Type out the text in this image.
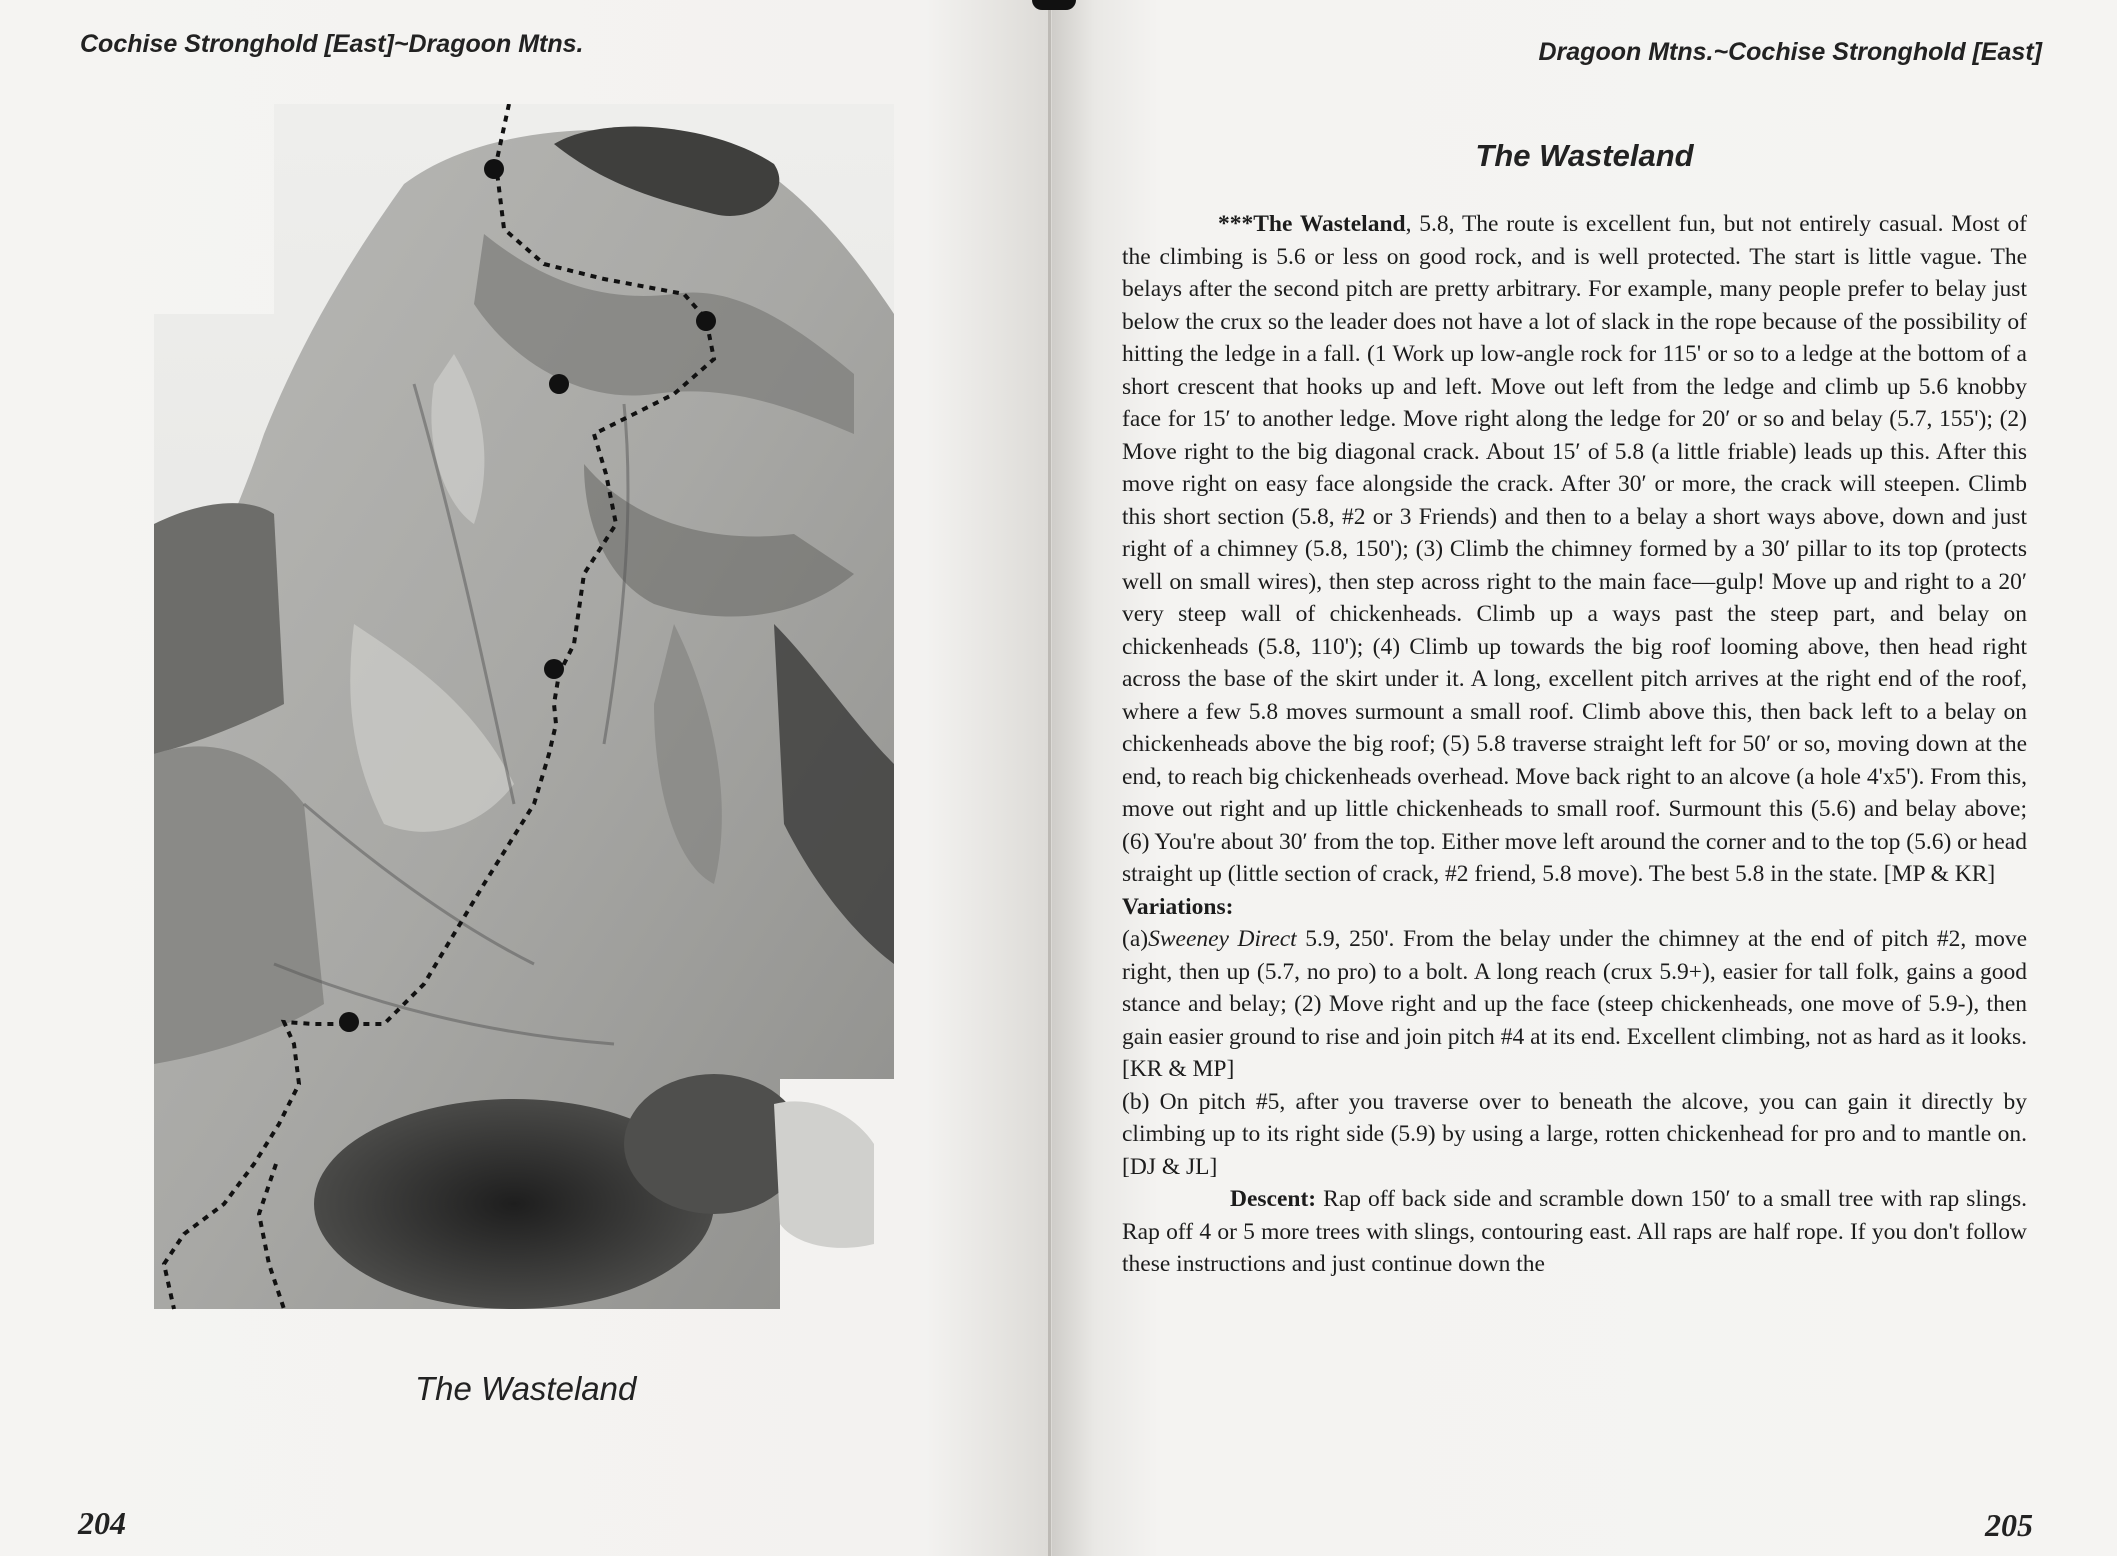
Cochise Stronghold [East]~Dragoon Mtns.
The Wasteland
204
Dragoon Mtns.~Cochise Stronghold [East]
205
The Wasteland

***The Wasteland, 5.8, The route is excellent fun, but not entirely casual. Most of the climbing is 5.6 or less on good rock, and is well protected. The start is little vague. The belays after the second pitch are pretty arbitrary. For example, many people prefer to belay just below the crux so the leader does not have a lot of slack in the rope because of the possibility of hitting the ledge in a fall. (1 Work up low-angle rock for 115' or so to a ledge at the bottom of a short crescent that hooks up and left. Move out left from the ledge and climb up 5.6 knobby face for 15′ to another ledge. Move right along the ledge for 20′ or so and belay (5.7, 155'); (2) Move right to the big diagonal crack. About 15′ of 5.8 (a little friable) leads up this. After this move right on easy face alongside the crack. After 30′ or more, the crack will steepen. Climb this short section (5.8, #2 or 3 Friends) and then to a belay a short ways above, down and just right of a chimney (5.8, 150'); (3) Climb the chimney formed by a 30′ pillar to its top (protects well on small wires), then step across right to the main face—gulp! Move up and right to a 20′ very steep wall of chickenheads. Climb up a ways past the steep part, and belay on chickenheads (5.8, 110'); (4) Climb up towards the big roof looming above, then head right across the base of the skirt under it. A long, excellent pitch arrives at the right end of the roof, where a few 5.8 moves surmount a small roof. Climb above this, then back left to a belay on chickenheads above the big roof; (5) 5.8 traverse straight left for 50′ or so, moving down at the end, to reach big chickenheads overhead. Move back right to an alcove (a hole 4'x5'). From this, move out right and up little chickenheads to small roof. Surmount this (5.6) and belay above; (6) You're about 30′ from the top. Either move left around the corner and to the top (5.6) or head straight up (little section of crack, #2 friend, 5.8 move). The best 5.8 in the state. [MP & KR]

Variations:

(a)Sweeney Direct 5.9, 250'. From the belay under the chimney at the end of pitch #2, move right, then up (5.7, no pro) to a bolt. A long reach (crux 5.9+), easier for tall folk, gains a good stance and belay; (2) Move right and up the face (steep chickenheads, one move of 5.9-), then gain easier ground to rise and join pitch #4 at its end. Excellent climbing, not as hard as it looks. [KR & MP]

(b) On pitch #5, after you traverse over to beneath the alcove, you can gain it directly by climbing up to its right side (5.9) by using a large, rotten chickenhead for pro and to mantle on. [DJ & JL]

Descent: Rap off back side and scramble down 150′ to a small tree with rap slings. Rap off 4 or 5 more trees with slings, contouring east. All raps are half rope. If you don't follow these instructions and just continue down the
